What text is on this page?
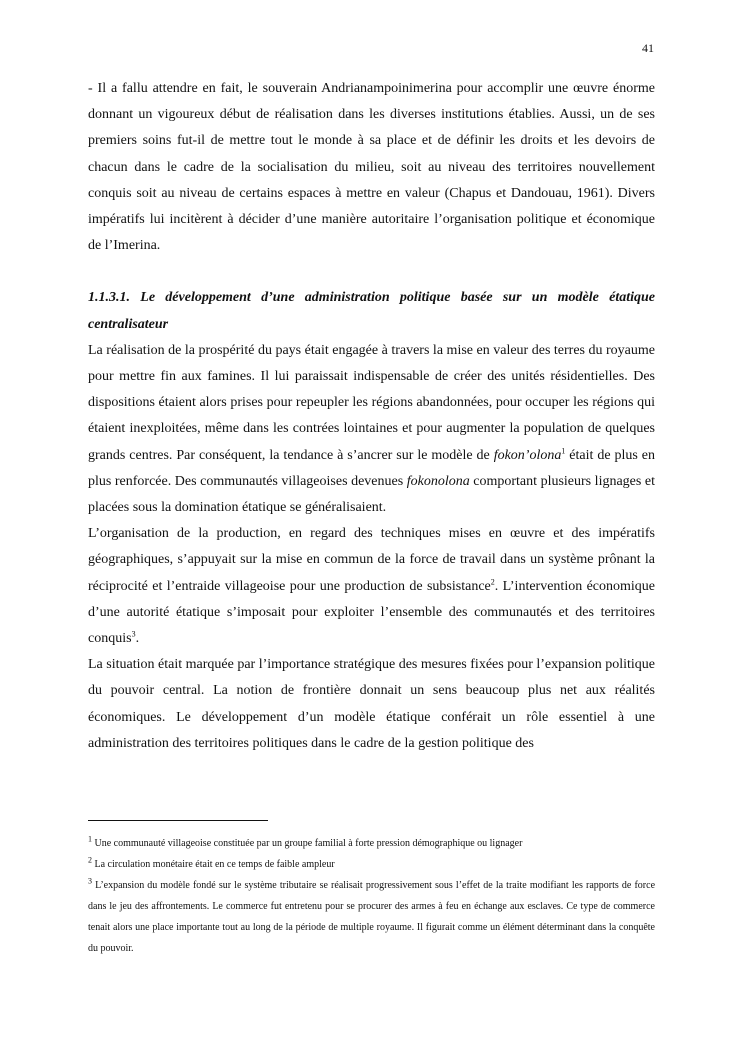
41

- Il a fallu attendre en fait, le souverain Andrianampoinimerina pour accomplir une œuvre énorme donnant un vigoureux début de réalisation dans les diverses institutions établies. Aussi, un de ses premiers soins fut-il de mettre tout le monde à sa place et de définir les droits et les devoirs de chacun dans le cadre de la socialisation du milieu, soit au niveau des territoires nouvellement conquis soit au niveau de certains espaces à mettre en valeur (Chapus et Dandouau, 1961). Divers impératifs lui incitèrent à décider d’une manière autoritaire l’organisation politique et économique de l’Imerina.

1.1.3.1. Le développement d’une administration politique basée sur un modèle étatique centralisateur

La réalisation de la prospérité du pays était engagée à travers la mise en valeur des terres du royaume pour mettre fin aux famines. Il lui paraissait indispensable de créer des unités résidentielles. Des dispositions étaient alors prises pour repeupler les régions abandonnées, pour occuper les régions qui étaient inexploitées, même dans les contrées lointaines et pour augmenter la population de quelques grands centres. Par conséquent, la tendance à s’ancrer sur le modèle de fokon’olona$^1$ était de plus en plus renforcée. Des communautés villageoises devenues fokonolona comportant plusieurs lignages et placées sous la domination étatique se généralisaient.

L’organisation de la production, en regard des techniques mises en œuvre et des impératifs géographiques, s’appuyait sur la mise en commun de la force de travail dans un système prônant la réciprocité et l’entraide villageoise pour une production de subsistance$^2$. L’intervention économique d’une autorité étatique s’imposait pour exploiter l’ensemble des communautés et des territoires conquis$^3$.

La situation était marquée par l’importance stratégique des mesures fixées pour l’expansion politique du pouvoir central. La notion de frontière donnait un sens beaucoup plus net aux réalités économiques. Le développement d’un modèle étatique conférait un rôle essentiel à une administration des territoires politiques dans le cadre de la gestion politique des

$^1$ Une communauté villageoise constituée par un groupe familial à forte pression démographique ou lignager

$^2$ La circulation monétaire était en ce temps de faible ampleur

$^3$ L’expansion du modèle fondé sur le système tributaire se réalisait progressivement sous l’effet de la traite modifiant les rapports de force dans le jeu des affrontements. Le commerce fut entretenu pour se procurer des armes à feu en échange aux esclaves. Ce type de commerce tenait alors une place importante tout au long de la période de multiple royaume. Il figurait comme un élément déterminant dans la conquête du pouvoir.
